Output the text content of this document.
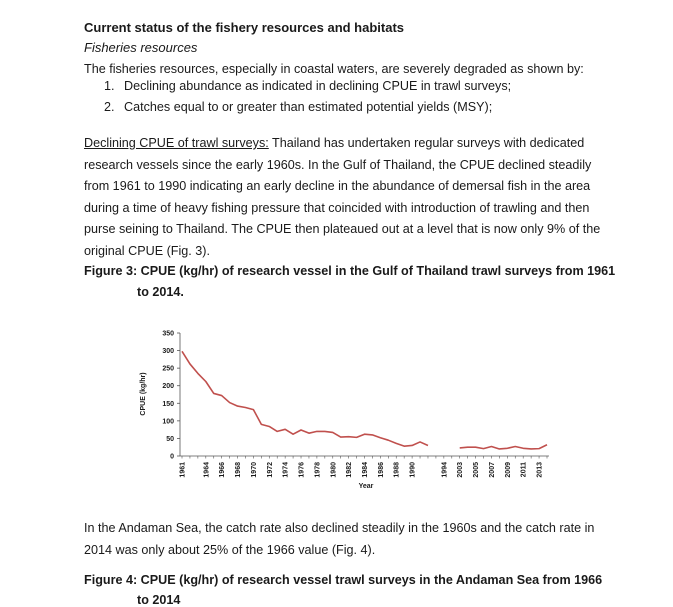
Current status of the fishery resources and habitats
Fisheries resources
The fisheries resources, especially in coastal waters, are severely degraded as shown by:
1. Declining abundance as indicated in declining CPUE in trawl surveys;
2. Catches equal to or greater than estimated potential yields (MSY);
Declining CPUE of trawl surveys: Thailand has undertaken regular surveys with dedicated research vessels since the early 1960s. In the Gulf of Thailand, the CPUE declined steadily from 1961 to 1990 indicating an early decline in the abundance of demersal fish in the area during a time of heavy fishing pressure that coincided with introduction of trawling and then purse seining to Thailand. The CPUE then plateaued out at a level that is now only 9% of the original CPUE (Fig. 3).
Figure 3: CPUE (kg/hr) of research vessel in the Gulf of Thailand trawl surveys from 1961
to 2014.
0
50
100
150
200
250
300
350
1961 1964 1966 1968 1970 1972 1974 1976 1978 1980 1982 1984 1986 1988 1990	1994 2003 2005 2007 2009 2011 2013
CPUE (kg/hr)
Year
In the Andaman Sea, the catch rate also declined steadily in the 1960s and the catch rate in 2014 was only about 25% of the 1966 value (Fig. 4).
Figure 4: CPUE (kg/hr) of research vessel trawl surveys in the Andaman Sea from 1966
to 2014
